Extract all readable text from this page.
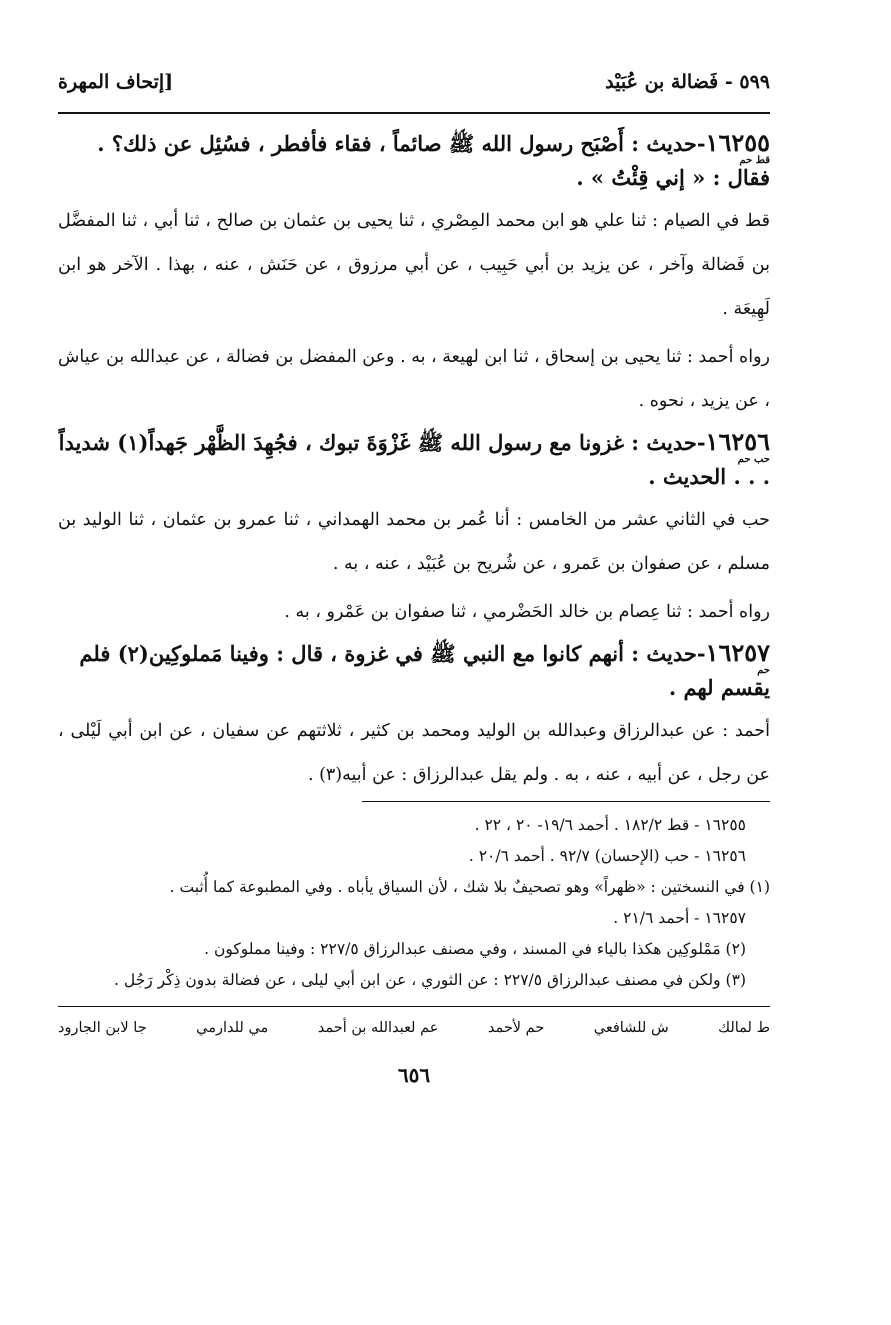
٥٩٩ - فَضالة بن عُبَيْد
[إتحاف المهرة
١٦٢٥٥-حديث : أَصْبَح رسول الله ﷺ صائماً ، فقاء فأفطر ، فسُئِل عن ذلك؟ . فقال : « إني قِئْتُ » .
قط حم

قط في الصيام : ثنا علي هو ابن محمد المِصْري ، ثنا يحيى بن عثمان بن صالح ، ثنا أبي ، ثنا المفضَّل بن فَضالة وآخر ، عن يزيد بن أبي حَبِيب ، عن أبي مرزوق ، عن حَنَش ، عنه ، بهذا . الآخر هو ابن لَهِيعَة .

رواه أحمد : ثنا يحيى بن إسحاق ، ثنا ابن لهيعة ، به . وعن المفضل بن فضالة ، عن عبدالله بن عياش ، عن يزيد ، نحوه .

١٦٢٥٦-حديث : غزونا مع رسول الله ﷺ غَزْوَةَ تبوك ، فجُهِدَ الظَّهْر جَهداً(١) شديداً . . . الحديث .
حب حم

حب في الثاني عشر من الخامس : أنا عُمر بن محمد الهمداني ، ثنا عمرو بن عثمان ، ثنا الوليد بن مسلم ، عن صفوان بن عَمرو ، عن شُريح بن عُبَيْد ، عنه ، به .

رواه أحمد : ثنا عِصام بن خالد الحَضْرمي ، ثنا صفوان بن عَمْرو ، به .

١٦٢٥٧-حديث : أنهم كانوا مع النبي ﷺ في غزوة ، قال : وفينا مَملوكِين(٢) فلم يقسم لهم .
حم

أحمد : عن عبدالرزاق وعبدالله بن الوليد ومحمد بن كثير ، ثلاثتهم عن سفيان ، عن ابن أبي لَيْلى ، عن رجل ، عن أبيه ، عنه ، به . ولم يقل عبدالرزاق : عن أبيه(٣) .

١٦٢٥٥ - قط ١٨٢/٢ . أحمد ١٩/٦- ٢٠ ، ٢٢ .
١٦٢٥٦ - حب (الإحسان) ٩٢/٧ . أحمد ٢٠/٦ .
(١) في النسختين : «ظهراً» وهو تصحيفٌ بلا شك ، لأن السياق يأباه . وفي المطبوعة كما أُثبت .
١٦٢٥٧ - أحمد ٢١/٦ .
(٢) مَمْلوكِين هكذا بالياء في المسند ، وفي مصنف عبدالرزاق ٢٢٧/٥ : وفينا مملوكون .
(٣) ولكن في مصنف عبدالرزاق ٢٢٧/٥ : عن الثوري ، عن ابن أبي ليلى ، عن فضالة بدون ذِكْر رَجُل .
ط لمالك
ش للشافعي
حم لأحمد
عم لعبدالله بن أحمد
مي للدارمي
جا لابن الجارود
٦٥٦
